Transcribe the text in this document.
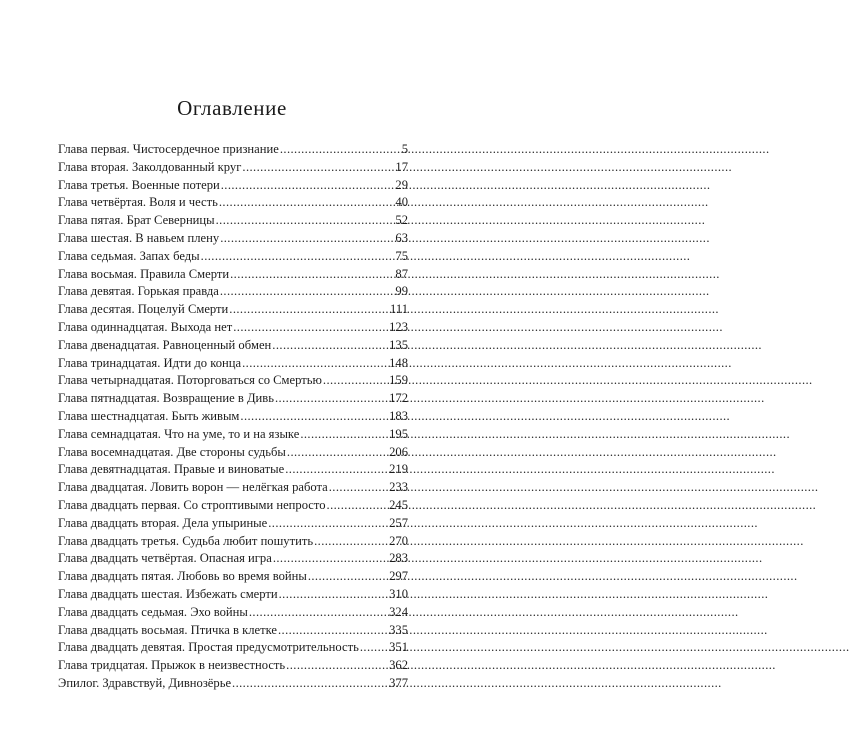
Оглавление
Глава первая. Чистосердечное признание .....	5
Глава вторая. Заколдованный круг .....	17
Глава третья. Военные потери .....	29
Глава четвёртая. Воля и честь .....	40
Глава пятая. Брат Северницы .....	52
Глава шестая. В навьем плену .....	63
Глава седьмая. Запах беды .....	75
Глава восьмая. Правила Смерти .....	87
Глава девятая. Горькая правда .....	99
Глава десятая. Поцелуй Смерти .....	111
Глава одиннадцатая. Выхода нет .....	123
Глава двенадцатая. Равноценный обмен .....	135
Глава тринадцатая. Идти до конца .....	148
Глава четырнадцатая. Поторговаться со Смертью .....	159
Глава пятнадцатая. Возвращение в Дивь .....	172
Глава шестнадцатая. Быть живым .....	183
Глава семнадцатая. Что на уме, то и на языке .....	195
Глава восемнадцатая. Две стороны судьбы .....	206
Глава девятнадцатая. Правые и виноватые .....	219
Глава двадцатая. Ловить ворон — нелёгкая работа .....	233
Глава двадцать первая. Со строптивыми непросто .....	245
Глава двадцать вторая. Дела упыриные .....	257
Глава двадцать третья. Судьба любит пошутить .....	270
Глава двадцать четвёртая. Опасная игра .....	283
Глава двадцать пятая. Любовь во время войны .....	297
Глава двадцать шестая. Избежать смерти .....	310
Глава двадцать седьмая. Эхо войны .....	324
Глава двадцать восьмая. Птичка в клетке .....	335
Глава двадцать девятая. Простая предусмотрительность ..... 351
Глава тридцатая. Прыжок в неизвестность .....	362
Эпилог. Здравствуй, Дивнозёрье .....	377
